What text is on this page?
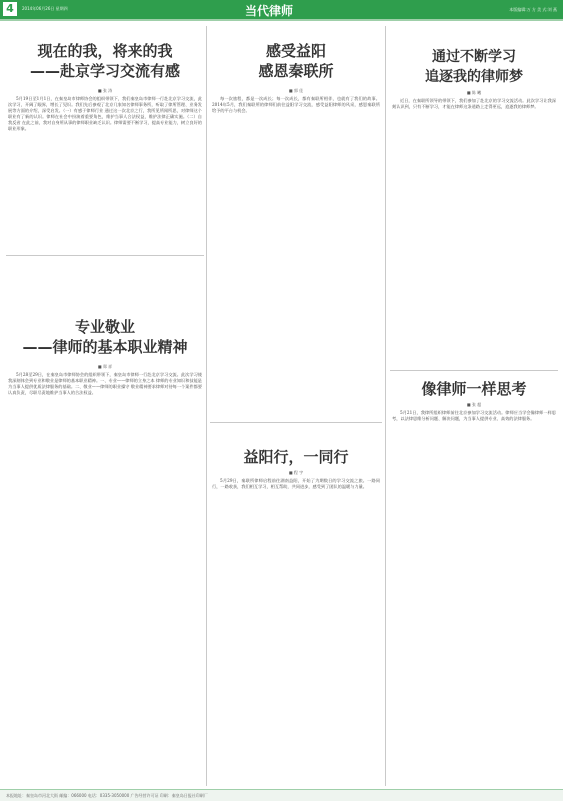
4	2014年06月26日 星期四	当代律师	本版编辑:万 方 美 式:刘 燕
现在的我，将来的我
——赴京学习交流有感
■ 张 涛

5月19日至1月1日，在秦皇岛市律师协会的组织带领下，我们秦皇岛市律师一行赴北京学习交流，此次学习，开阔了眼界，增长了见识。我们先后参观了北京几家知名律师事务所，听取了律所管理、业务发展等方面的介绍，深受启发。（一）有感于律师行业 通过这一次北京之行，我所见所闻所思，对律师这个职业有了新的认识。律师在社会中扮演着重要角色，维护当事人合法权益，维护法律正确实施。（二）自我反省 在此之前，我对自身所从事的律师职业缺乏认识。律师需要不断学习，提高专业能力，树立良好的职业形象。

专业敬业
——律师的基本职业精神
■ 郑 祥

5月28至29日，在秦皇岛市律师协会的组织带领下，秦皇岛市律师一行赴北京学习交流。此次学习使我深刻体会到专业和敬业是律师的基本职业精神。一、专业——律师的立身之本 律师的专业知识和技能是为当事人提供优质法律服务的基础。二、敬业——律师的职业操守 敬业精神要求律师对待每一个案件都要认真负责，尽职尽责地维护当事人的合法权益。

感受益阳
感恩秦联所
■ 郭 佳

每一次旅程，都是一次成长；每一次成长，都有秦联所相伴，也就有了我们的故事。2014年5月，我们秦联所的律师们前往益阳学习交流，感受益阳律师的风采，感恩秦联所给予的平台与机会。

益阳行，一同行
■ 程 宇

5月29日，秦联所律师启程前往湖南益阳，开始了为期数日的学习交流之旅。一路同行，一路收获，我们相互学习，相互帮助，共同进步，感受到了团队的温暖与力量。

通过不断学习
追逐我的律师梦
■ 陈 曦

近日，在秦联所领导的带领下，我们参加了赴北京的学习交流活动。此次学习让我深刻认识到，只有不断学习，才能在律师这条道路上走得更远，追逐我的律师梦。

像律师一样思考
■ 张 超

5月21日，我律所组织律师前往北京参加学习交流活动。律师应当学会像律师一样思考，以法律思维分析问题、解决问题，为当事人提供专业、高效的法律服务。

本报地址：秦皇岛市河北大街 邮编：066000 电话：0335-3050000 广告经营许可证 印刷：秦皇岛日报社印刷厂
